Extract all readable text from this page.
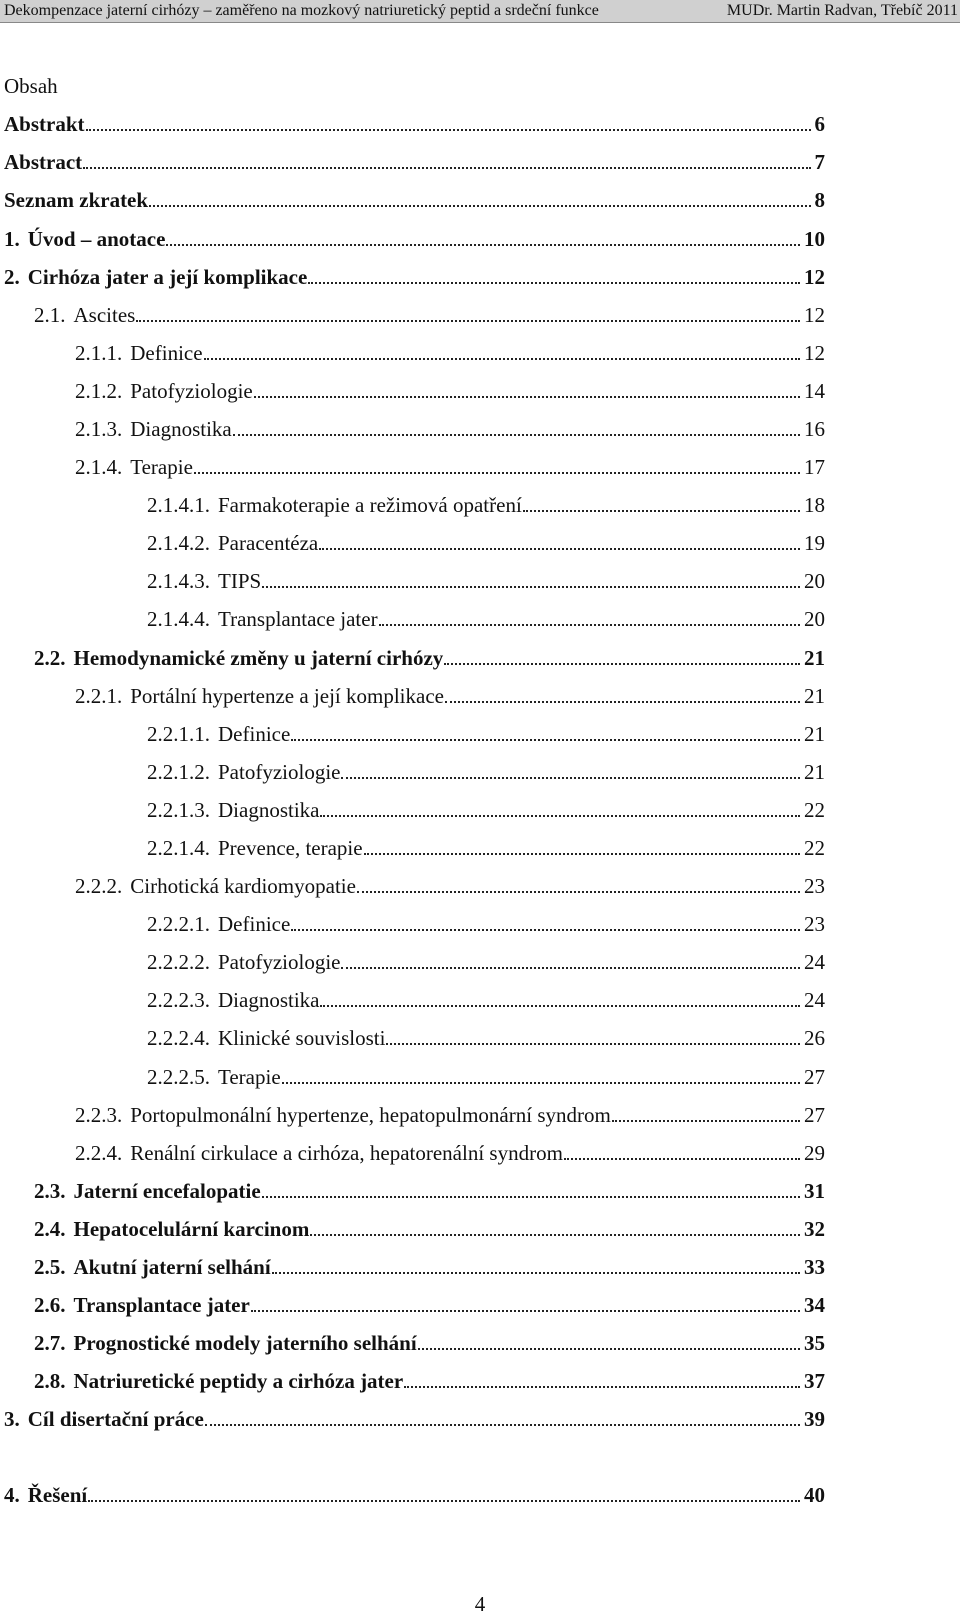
Dekompenzace jaterní cirhózy – zaměřeno na mozkový natriuretický peptid a srdeční funkce	MUDr. Martin Radvan, Třebíč 2011
Obsah
Abstrakt	6
Abstract	7
Seznam zkratek	8
1. Úvod – anotace	10
2. Cirhóza jater a její komplikace	12
2.1. Ascites	12
2.1.1. Definice	12
2.1.2. Patofyziologie	14
2.1.3. Diagnostika	16
2.1.4. Terapie	17
2.1.4.1. Farmakoterapie a režimová opatření	18
2.1.4.2. Paracentéza	19
2.1.4.3. TIPS	20
2.1.4.4. Transplantace jater	20
2.2. Hemodynamické změny u jaterní cirhózy	21
2.2.1. Portální hypertenze a její komplikace	21
2.2.1.1. Definice	21
2.2.1.2. Patofyziologie	21
2.2.1.3. Diagnostika	22
2.2.1.4. Prevence, terapie	22
2.2.2. Cirhotická kardiomyopatie	23
2.2.2.1. Definice	23
2.2.2.2. Patofyziologie	24
2.2.2.3. Diagnostika	24
2.2.2.4. Klinické souvislosti	26
2.2.2.5. Terapie	27
2.2.3. Portopulmonální hypertenze, hepatopulmonární syndrom	27
2.2.4. Renální cirkulace a cirhóza, hepatorenální syndrom	29
2.3. Jaterní encefalopatie	31
2.4. Hepatocelulární karcinom	32
2.5. Akutní jaterní selhání	33
2.6. Transplantace jater	34
2.7. Prognostické modely jaterního selhání	35
2.8. Natriuretické peptidy a cirhóza jater	37
3. Cíl disertační práce	39
4. Řešení	40
4
